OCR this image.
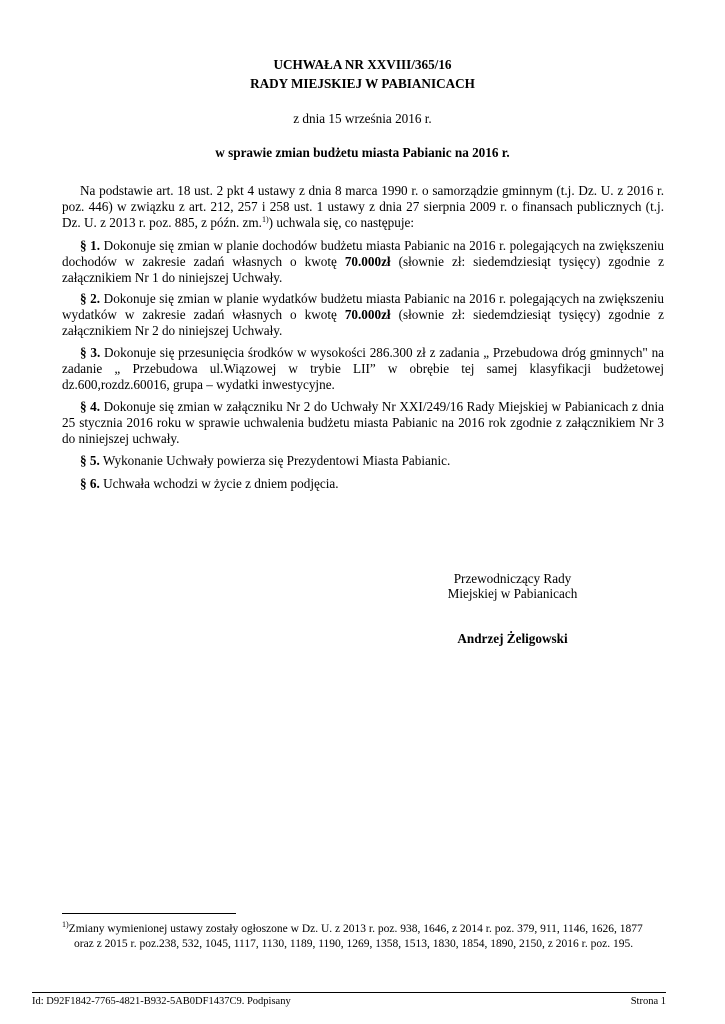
UCHWAŁA NR XXVIII/365/16
RADY MIEJSKIEJ W PABIANICACH
z dnia 15 września 2016 r.
w sprawie zmian budżetu miasta Pabianic na 2016 r.
Na podstawie art. 18 ust. 2 pkt 4 ustawy z dnia 8 marca 1990 r. o samorządzie gminnym (t.j. Dz. U. z 2016 r. poz. 446) w związku z art. 212, 257 i 258 ust. 1 ustawy z dnia 27 sierpnia 2009 r. o finansach publicznych (t.j. Dz. U. z 2013 r. poz. 885, z późn. zm.$^{1)}$) uchwala się, co następuje:
§ 1. Dokonuje się zmian w planie dochodów budżetu miasta Pabianic na 2016 r. polegających na zwiększeniu dochodów w zakresie zadań własnych o kwotę 70.000zł (słownie zł: siedemdziesiąt tysięcy) zgodnie z załącznikiem Nr 1 do niniejszej Uchwały.
§ 2. Dokonuje się zmian w planie wydatków budżetu miasta Pabianic na 2016 r. polegających na zwiększeniu wydatków w zakresie zadań własnych o kwotę 70.000zł (słownie zł: siedemdziesiąt tysięcy) zgodnie z załącznikiem Nr 2 do niniejszej Uchwały.
§ 3. Dokonuje się przesunięcia środków w wysokości 286.300 zł z zadania „ Przebudowa dróg gminnych" na zadanie „ Przebudowa ul.Wiązowej w trybie LII” w obrębie tej samej klasyfikacji budżetowej dz.600,rozdz.60016, grupa – wydatki inwestycyjne.
§ 4. Dokonuje się zmian w załączniku Nr 2 do Uchwały Nr XXI/249/16 Rady Miejskiej w Pabianicach z dnia 25 stycznia 2016 roku w sprawie uchwalenia budżetu miasta Pabianic na 2016 rok zgodnie z załącznikiem Nr 3 do niniejszej uchwały.
§ 5. Wykonanie Uchwały powierza się Prezydentowi Miasta Pabianic.
§ 6. Uchwała wchodzi w życie z dniem podjęcia.
Przewodniczący Rady
Miejskiej w Pabianicach
Andrzej Żeligowski
$^{1)}$Zmiany wymienionej ustawy zostały ogłoszone w Dz. U. z 2013 r. poz. 938, 1646, z 2014 r. poz. 379, 911, 1146, 1626, 1877 oraz z 2015 r. poz.238, 532, 1045, 1117, 1130, 1189, 1190, 1269, 1358, 1513, 1830, 1854, 1890, 2150, z 2016 r. poz. 195.
Id: D92F1842-7765-4821-B932-5AB0DF1437C9. Podpisany	Strona 1
